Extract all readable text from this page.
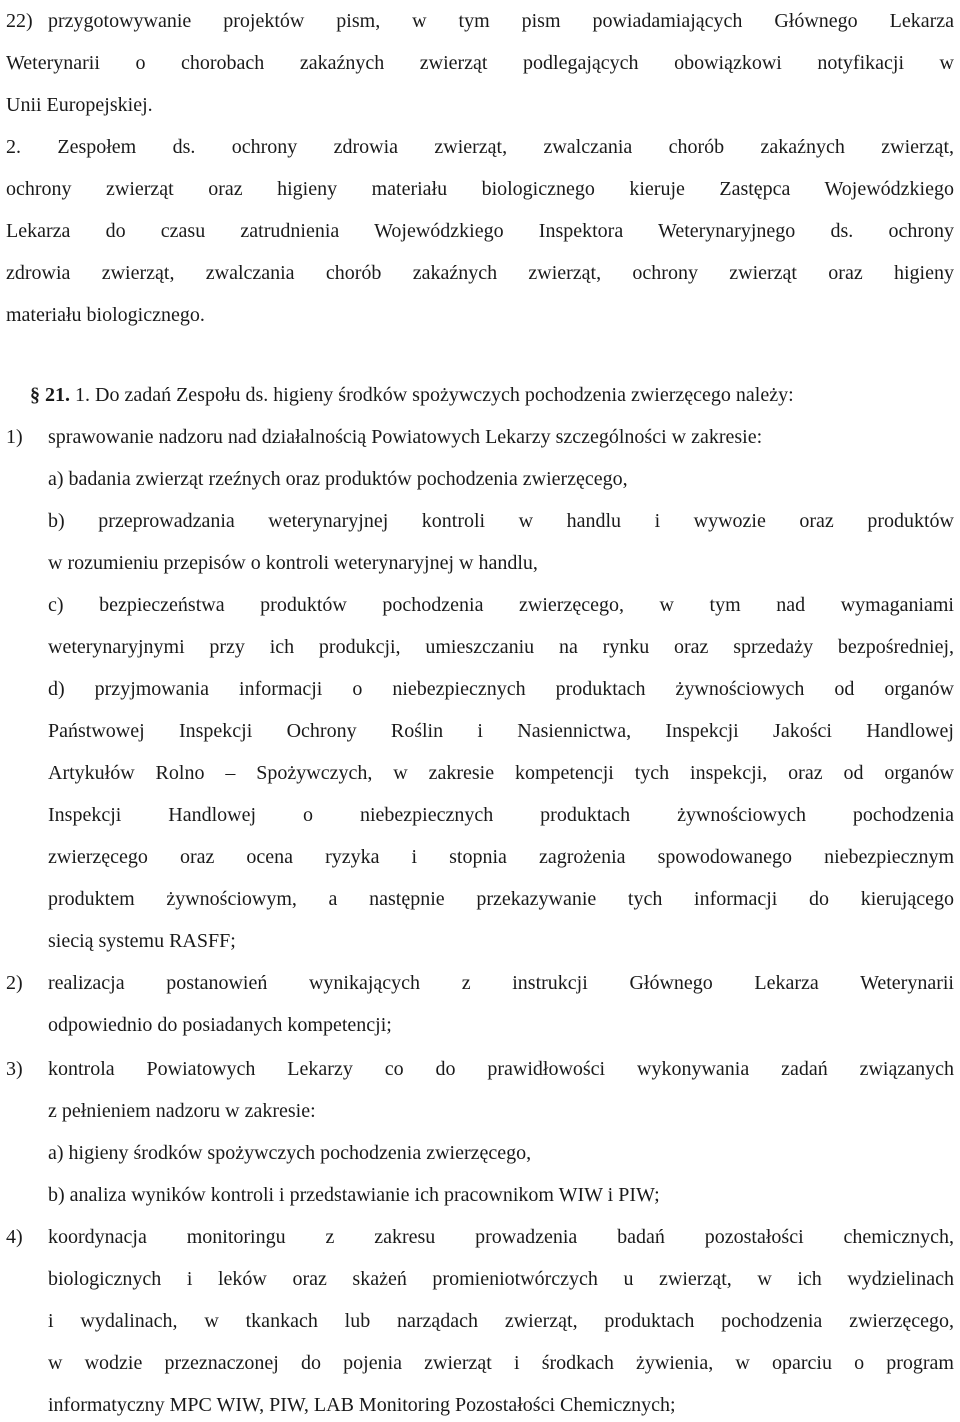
22) przygotowywanie projektów pism, w tym pism powiadamiających Głównego Lekarza
Weterynarii o chorobach zakaźnych zwierząt podlegających obowiązkowi notyfikacji w
Unii Europejskiej.
2. Zespołem ds. ochrony zdrowia zwierząt, zwalczania chorób zakaźnych zwierząt,
ochrony zwierząt oraz higieny materiału biologicznego kieruje Zastępca Wojewódzkiego
Lekarza do czasu zatrudnienia Wojewódzkiego Inspektora Weterynaryjnego ds. ochrony
zdrowia zwierząt, zwalczania chorób zakaźnych zwierząt, ochrony zwierząt oraz higieny
materiału biologicznego.
§ 21. 1. Do zadań Zespołu ds. higieny środków spożywczych pochodzenia zwierzęcego należy:
1) sprawowanie nadzoru nad działalnością Powiatowych Lekarzy szczególności w zakresie:
a) badania zwierząt rzeźnych oraz produktów pochodzenia zwierzęcego,
b) przeprowadzania weterynaryjnej kontroli w handlu i wywozie oraz produktów
w rozumieniu przepisów o kontroli weterynaryjnej w handlu,
c) bezpieczeństwa produktów pochodzenia zwierzęcego, w tym nad wymaganiami
weterynaryjnymi przy ich produkcji, umieszczaniu na rynku oraz sprzedaży bezpośredniej,
d) przyjmowania informacji o niebezpiecznych produktach żywnościowych od organów
Państwowej Inspekcji Ochrony Roślin i Nasiennictwa, Inspekcji Jakości Handlowej
Artykułów Rolno – Spożywczych, w zakresie kompetencji tych inspekcji, oraz od organów
Inspekcji Handlowej o niebezpiecznych produktach żywnościowych pochodzenia
zwierzęcego oraz ocena ryzyka i stopnia zagrożenia spowodowanego niebezpiecznym
produktem żywnościowym, a następnie przekazywanie tych informacji do kierującego
siecią systemu RASFF;
2) realizacja postanowień wynikających z instrukcji Głównego Lekarza Weterynarii
odpowiednio do posiadanych kompetencji;
3) kontrola Powiatowych Lekarzy co do prawidłowości wykonywania zadań związanych
z pełnieniem nadzoru w zakresie:
a) higieny środków spożywczych pochodzenia zwierzęcego,
b) analiza wyników kontroli i przedstawianie ich pracownikom WIW i PIW;
4) koordynacja monitoringu z zakresu prowadzenia badań pozostałości chemicznych,
biologicznych i leków oraz skażeń promieniotwórczych u zwierząt, w ich wydzielinach
i wydalinach, w tkankach lub narządach zwierząt, produktach pochodzenia zwierzęcego,
w wodzie przeznaczonej do pojenia zwierząt i środkach żywienia, w oparciu o program
informatyczny MPC WIW, PIW, LAB Monitoring Pozostałości Chemicznych;
